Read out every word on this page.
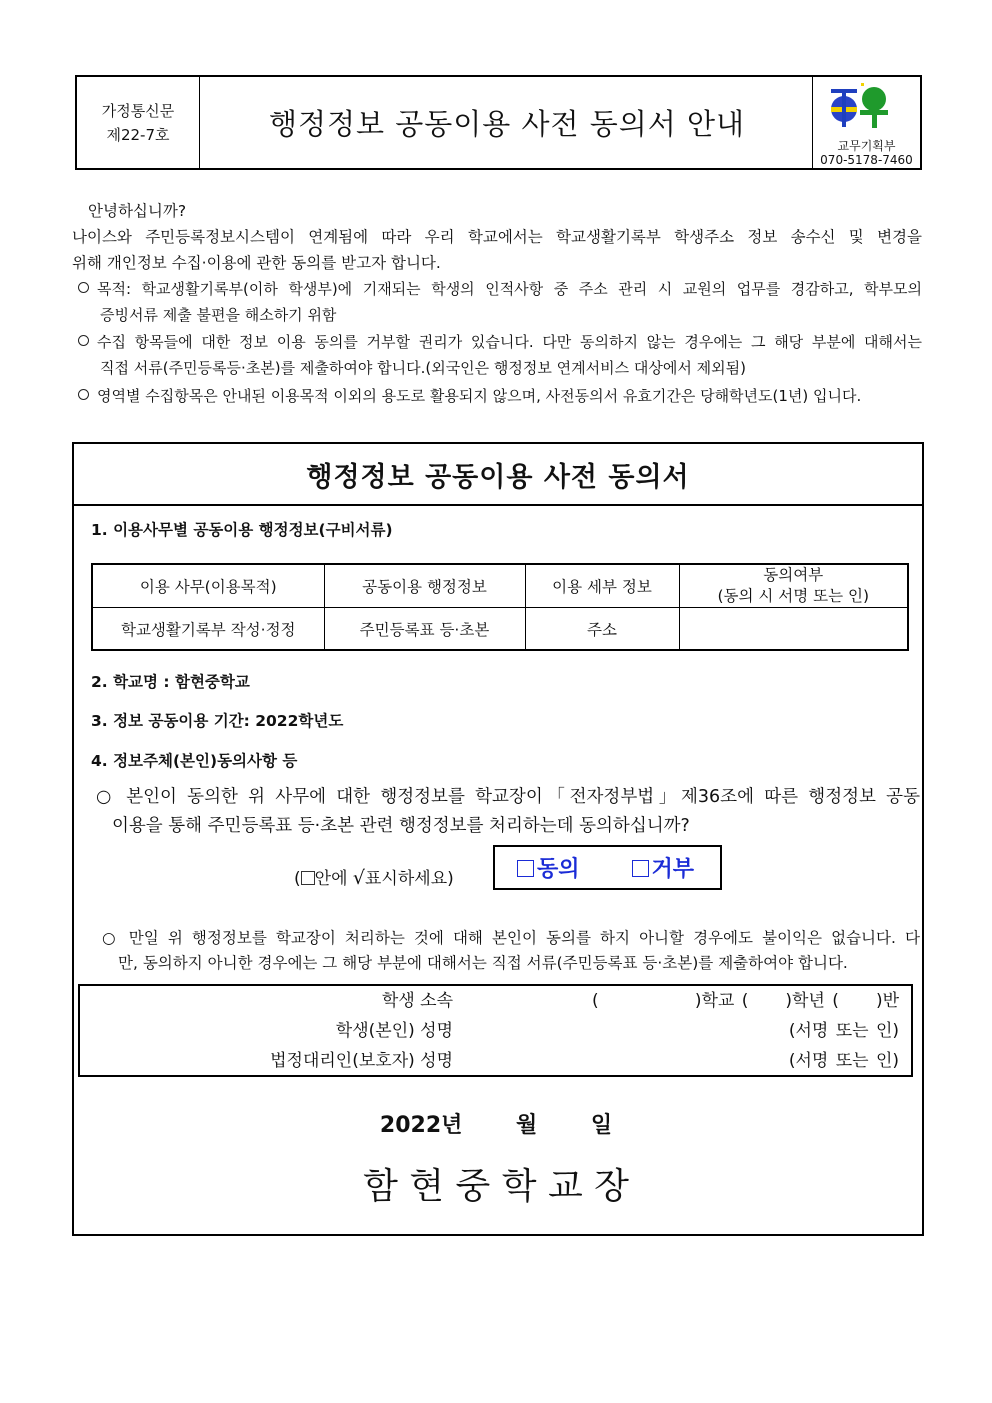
가정통신문
제22-7호	행정정보 공동이용 사전 동의서 안내
교무기획부
070-5178-7460
안녕하십니까?
나이스와 주민등록정보시스템이 연계됨에 따라 우리 학교에서는 학교생활기록부 학생주소 정보 송수신 및 변경을
위해 개인정보 수집·이용에 관한 동의를 받고자 합니다.
목적: 학교생활기록부(이하 학생부)에 기재되는 학생의 인적사항 중 주소 관리 시 교원의 업무를 경감하고, 학부모의
증빙서류 제출 불편을 해소하기 위함
수집 항목들에 대한 정보 이용 동의를 거부할 권리가 있습니다. 다만 동의하지 않는 경우에는 그 해당 부분에 대해서는
직접 서류(주민등록등·초본)를 제출하여야 합니다.(외국인은 행정정보 연계서비스 대상에서 제외됨)
영역별 수집항목은 안내된 이용목적 이외의 용도로 활용되지 않으며, 사전동의서 유효기간은 당해학년도(1년) 입니다.
행정정보 공동이용 사전 동의서
1. 이용사무별 공동이용 행정정보(구비서류)
이용 사무(이용목적)	공동이용 행정정보	이용 세부 정보	동의여부
(동의 시 서명 또는 인)

학교생활기록부 작성·정정	주민등록표 등·초본	주소	
2. 학교명 : 함현중학교
3. 정보 공동이용 기간: 2022학년도
4. 정보주체(본인)동의사항 등
○ 본인이 동의한 위 사무에 대한 행정정보를 학교장이「전자정부법」제36조에 따른 행정정보 공동
이용을 통해 주민등록표 등·초본 관련 행정정보를 처리하는데 동의하십니까?
( 안에 √표시하세요)	동의	거부
○ 만일 위 행정정보를 학교장이 처리하는 것에 대해 본인이 동의를 하지 아니할 경우에도 불이익은 없습니다. 다
만, 동의하지 아니한 경우에는 그 해당 부분에 대해서는 직접 서류(주민등록표 등·초본)를 제출하여야 합니다.
학생 소속	(             )학교 (     )학년 (     )반
학생(본인) 성명	(서명 또는 인)
법정대리인(보호자) 성명	(서명 또는 인)
2022년       월       일
함 현 중 학 교 장
